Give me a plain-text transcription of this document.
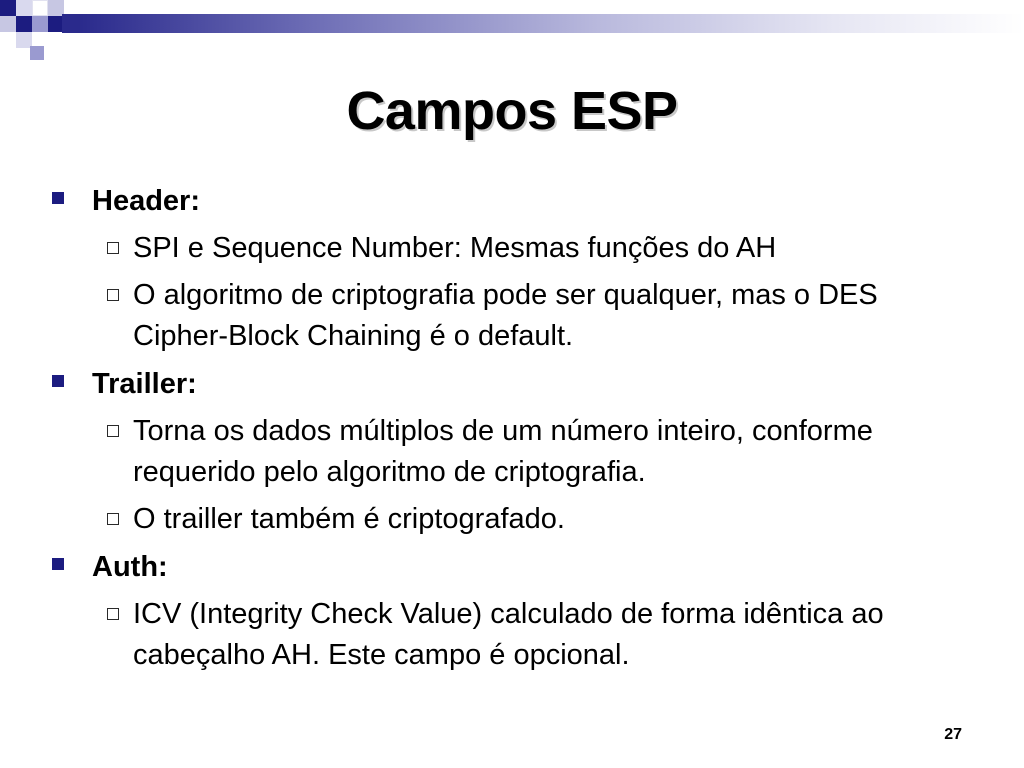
Campos ESP
Header:
SPI e Sequence Number: Mesmas funções do AH
O algoritmo de criptografia pode ser qualquer, mas o DES Cipher-Block Chaining é o default.
Trailler:
Torna os dados múltiplos de um número inteiro, conforme requerido pelo algoritmo de criptografia.
O trailler também é criptografado.
Auth:
ICV (Integrity Check Value) calculado de forma idêntica ao cabeçalho AH. Este campo é opcional.
27
